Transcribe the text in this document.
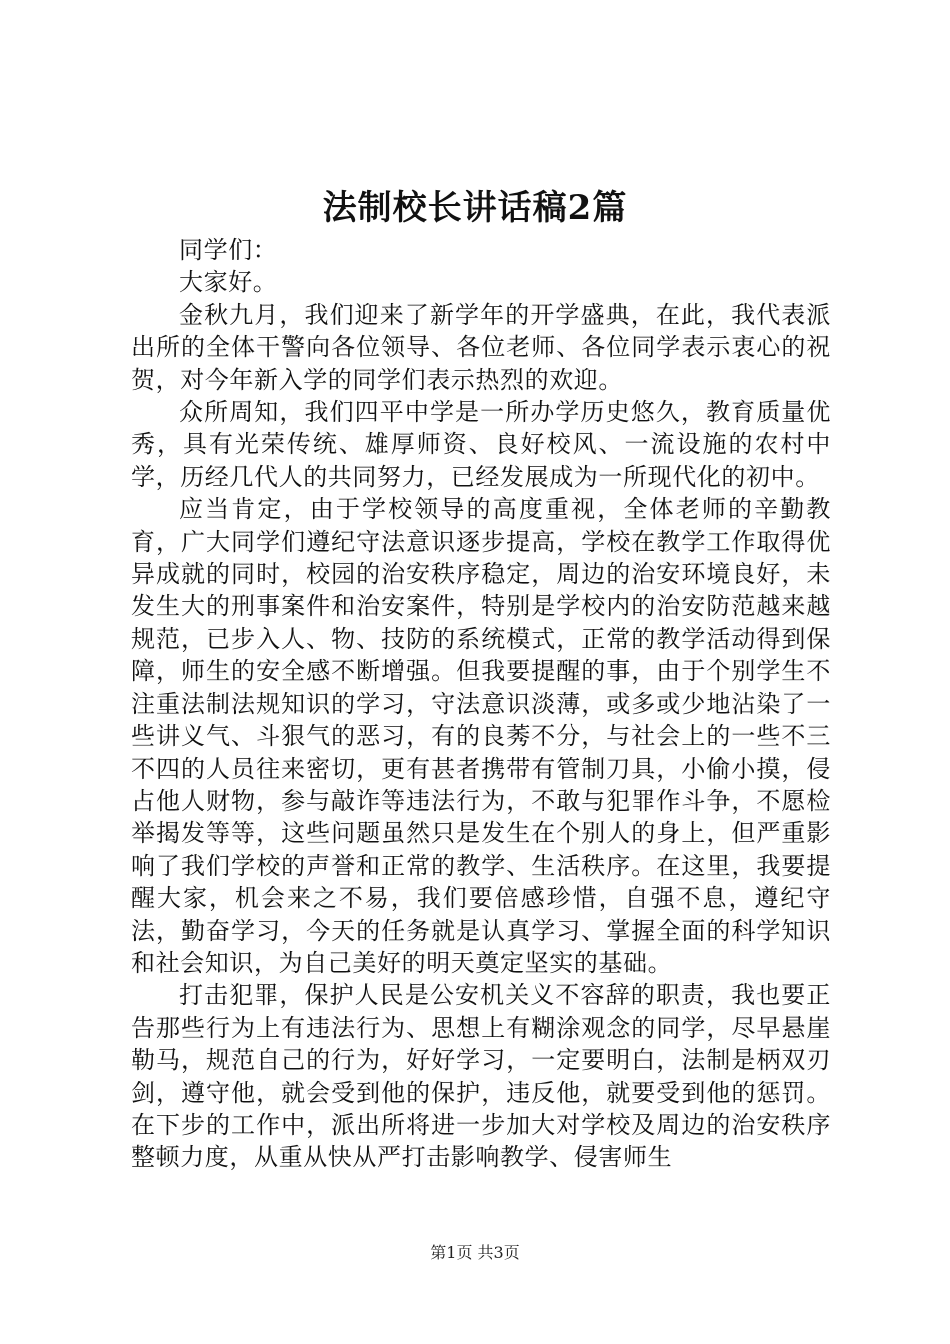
法制校长讲话稿2篇

同学们：

大家好。

金秋九月，我们迎来了新学年的开学盛典，在此，我代表派出所的全体干警向各位领导、各位老师、各位同学表示衷心的祝贺，对今年新入学的同学们表示热烈的欢迎。

众所周知，我们四平中学是一所办学历史悠久，教育质量优秀，具有光荣传统、雄厚师资、良好校风、一流设施的农村中学，历经几代人的共同努力，已经发展成为一所现代化的初中。

应当肯定，由于学校领导的高度重视，全体老师的辛勤教育，广大同学们遵纪守法意识逐步提高，学校在教学工作取得优异成就的同时，校园的治安秩序稳定，周边的治安环境良好，未发生大的刑事案件和治安案件，特别是学校内的治安防范越来越规范，已步入人、物、技防的系统模式，正常的教学活动得到保障，师生的安全感不断增强。但我要提醒的事，由于个别学生不注重法制法规知识的学习，守法意识淡薄，或多或少地沾染了一些讲义气、斗狠气的恶习，有的良莠不分，与社会上的一些不三不四的人员往来密切，更有甚者携带有管制刀具，小偷小摸，侵占他人财物，参与敲诈等违法行为，不敢与犯罪作斗争，不愿检举揭发等等，这些问题虽然只是发生在个别人的身上，但严重影响了我们学校的声誉和正常的教学、生活秩序。在这里，我要提醒大家，机会来之不易，我们要倍感珍惜，自强不息，遵纪守法，勤奋学习，今天的任务就是认真学习、掌握全面的科学知识和社会知识，为自己美好的明天奠定坚实的基础。

打击犯罪，保护人民是公安机关义不容辞的职责，我也要正告那些行为上有违法行为、思想上有糊涂观念的同学，尽早悬崖勒马，规范自己的行为，好好学习，一定要明白，法制是柄双刃剑，遵守他，就会受到他的保护，违反他，就要受到他的惩罚。在下步的工作中，派出所将进一步加大对学校及周边的治安秩序整顿力度，从重从快从严打击影响教学、侵害师生

第1页 共3页
